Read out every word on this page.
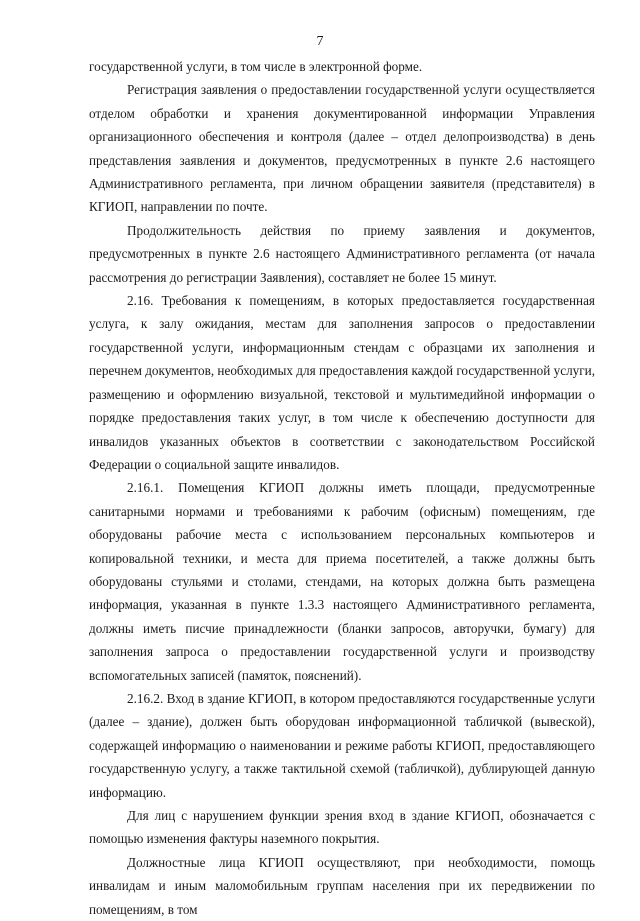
7

государственной услуги, в том числе в электронной форме.

Регистрация заявления о предоставлении государственной услуги осуществляется отделом обработки и хранения документированной информации Управления организационного обеспечения и контроля (далее – отдел делопроизводства) в день представления заявления и документов, предусмотренных в пункте 2.6 настоящего Административного регламента, при личном обращении заявителя (представителя) в КГИОП, направлении по почте.

Продолжительность действия по приему заявления и документов, предусмотренных в пункте 2.6 настоящего Административного регламента (от начала рассмотрения до регистрации Заявления), составляет не более 15 минут.

2.16. Требования к помещениям, в которых предоставляется государственная услуга, к залу ожидания, местам для заполнения запросов о предоставлении государственной услуги, информационным стендам с образцами их заполнения и перечнем документов, необходимых для предоставления каждой государственной услуги, размещению и оформлению визуальной, текстовой и мультимедийной информации о порядке предоставления таких услуг, в том числе к обеспечению доступности для инвалидов указанных объектов в соответствии с законодательством Российской Федерации о социальной защите инвалидов.

2.16.1. Помещения КГИОП должны иметь площади, предусмотренные санитарными нормами и требованиями к рабочим (офисным) помещениям, где оборудованы рабочие места с использованием персональных компьютеров и копировальной техники, и места для приема посетителей, а также должны быть оборудованы стульями и столами, стендами, на которых должна быть размещена информация, указанная в пункте 1.3.3 настоящего Административного регламента, должны иметь писчие принадлежности (бланки запросов, авторучки, бумагу) для заполнения запроса о предоставлении государственной услуги и производству вспомогательных записей (памяток, пояснений).

2.16.2. Вход в здание КГИОП, в котором предоставляются государственные услуги (далее – здание), должен быть оборудован информационной табличкой (вывеской), содержащей информацию о наименовании и режиме работы КГИОП, предоставляющего государственную услугу, а также тактильной схемой (табличкой), дублирующей данную информацию.

Для лиц с нарушением функции зрения вход в здание КГИОП, обозначается с помощью изменения фактуры наземного покрытия.

Должностные лица КГИОП осуществляют, при необходимости, помощь инвалидам и иным маломобильным группам населения при их передвижении по помещениям, в том
